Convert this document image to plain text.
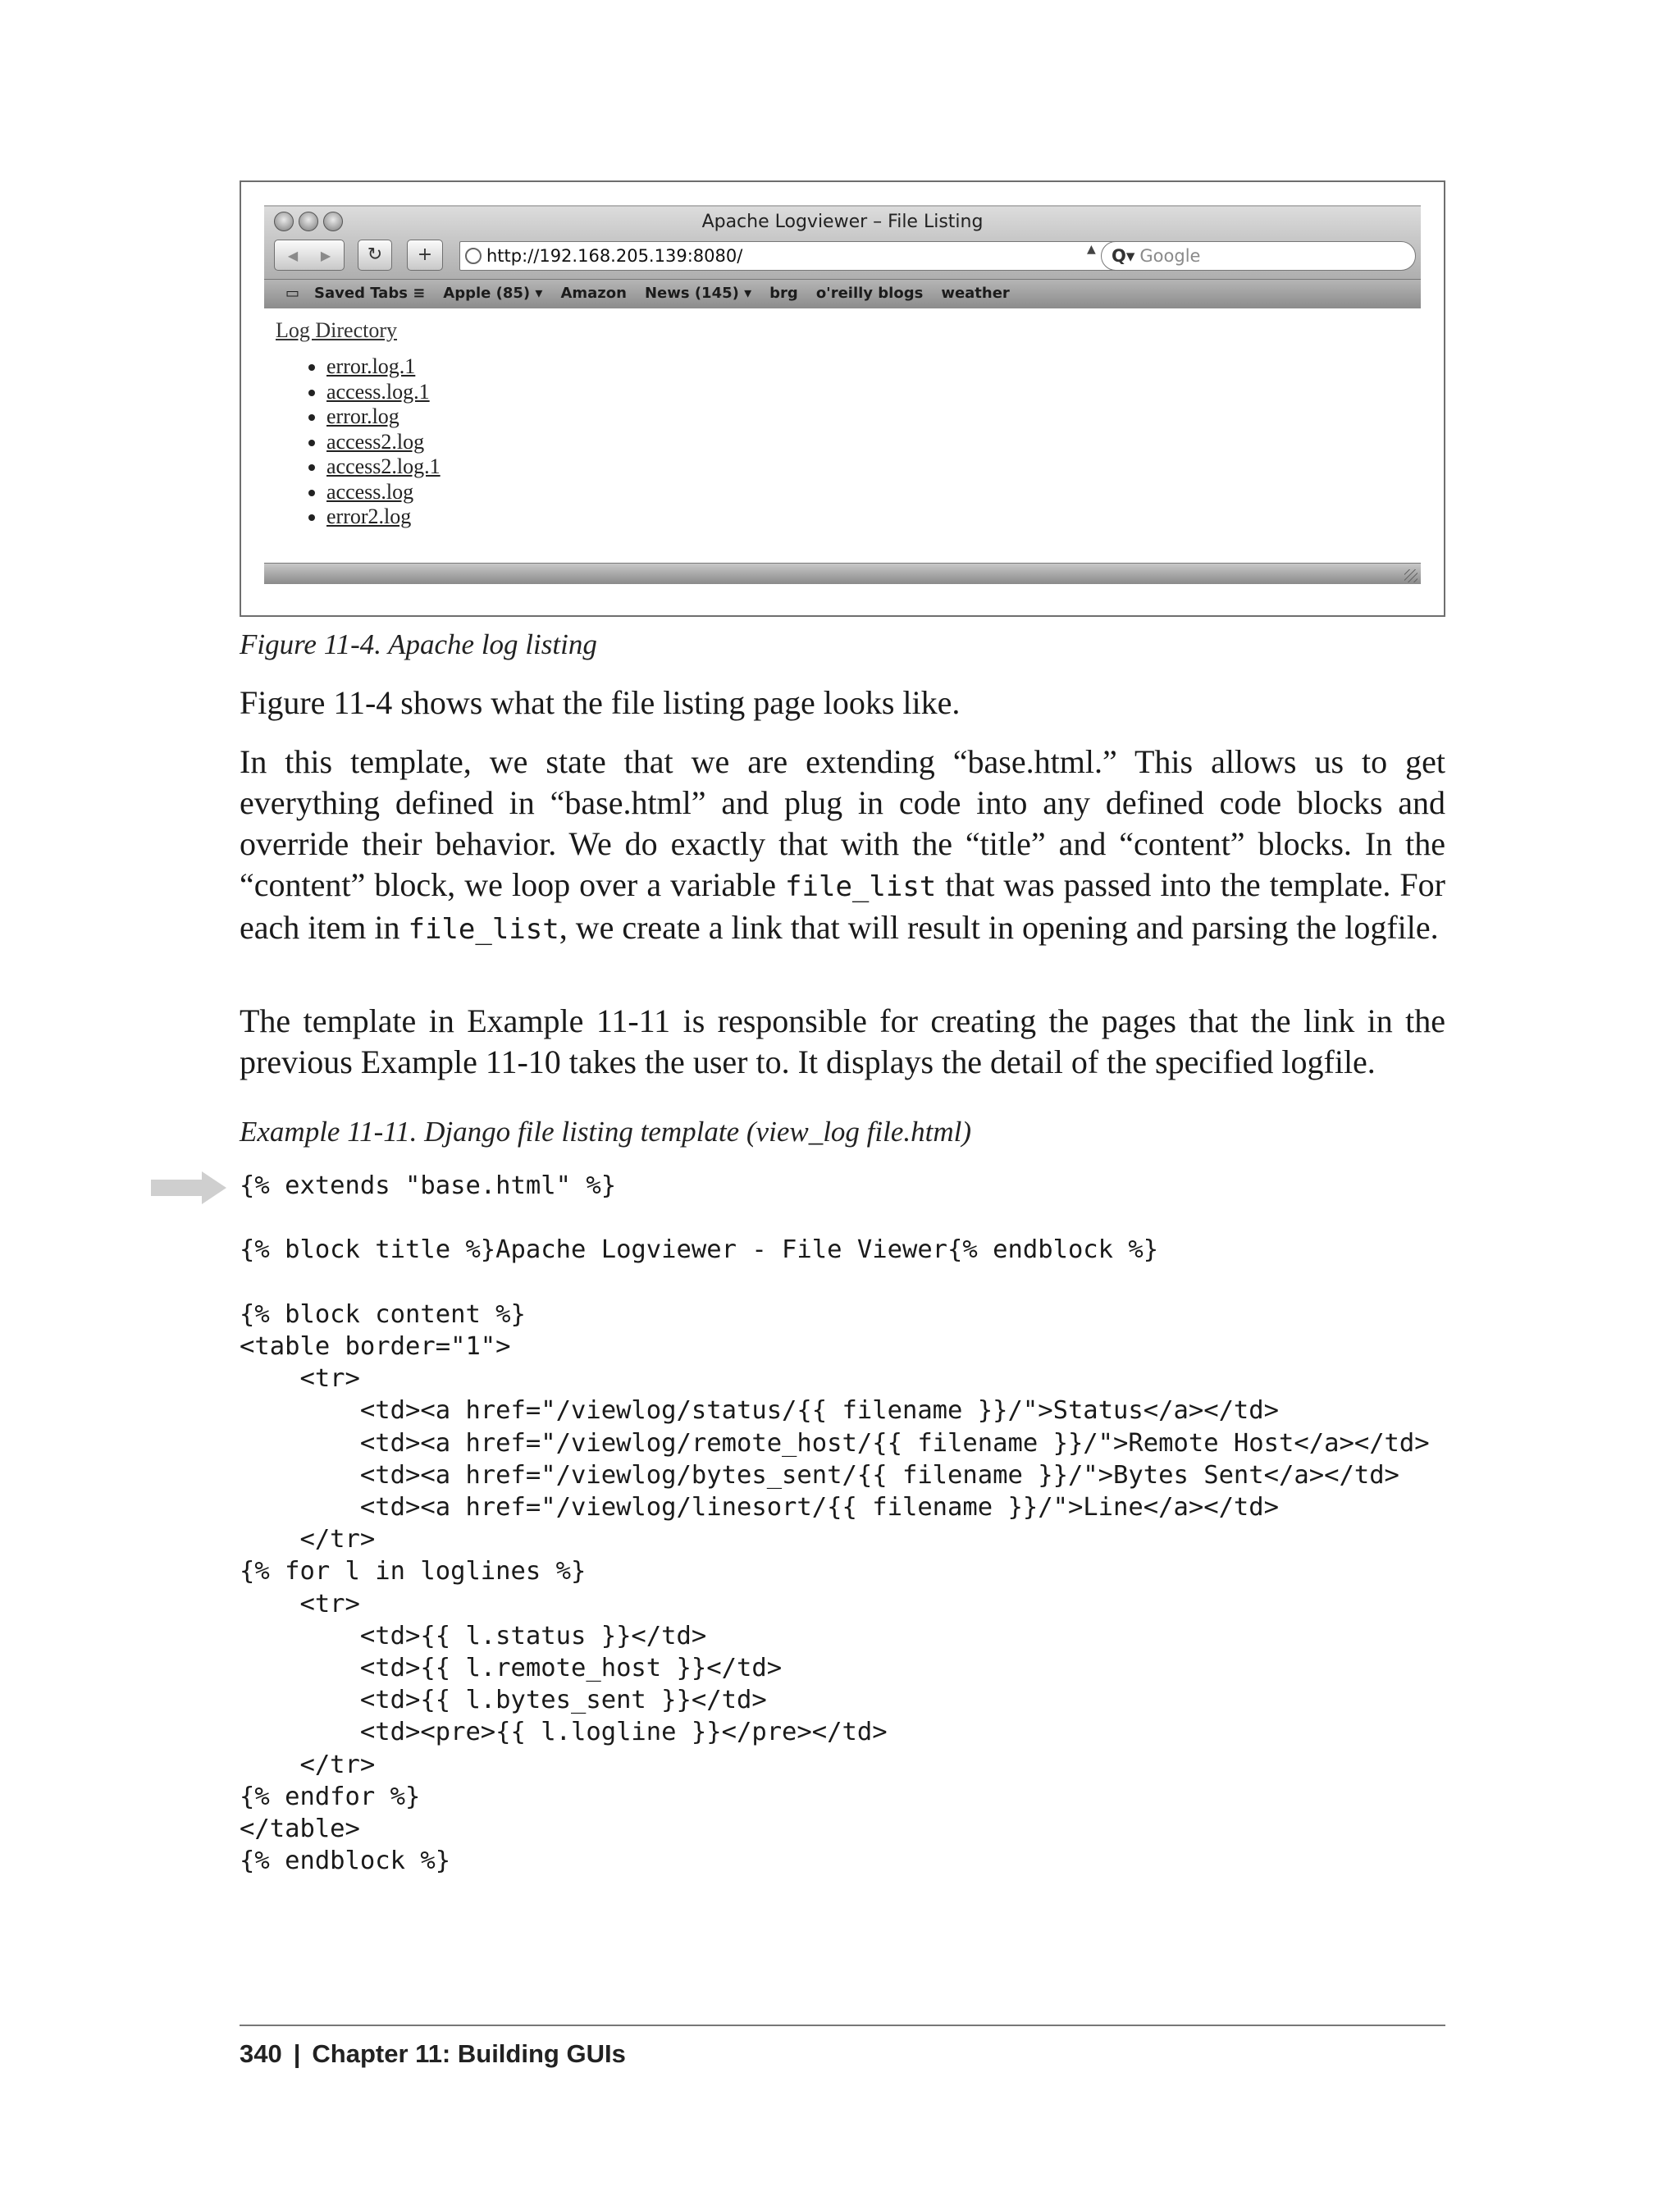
Apache Logviewer – File Listing
◀ ▶	↻	+	http://192.168.205.139:8080/	▲ Q▾ Google
▭ Saved Tabs ≡ Apple (85) ▾ Amazon News (145) ▾ brg o'reilly blogs weather
Log Directory
• error.log.1
• access.log.1
• error.log
• access2.log
• access2.log.1
• access.log
• error2.log
Figure 11-4. Apache log listing

Figure 11-4 shows what the file listing page looks like.

In this template, we state that we are extending “base.html.” This allows us to get everything defined in “base.html” and plug in code into any defined code blocks and override their behavior. We do exactly that with the “title” and “content” blocks. In the “content” block, we loop over a variable file_list that was passed into the template. For each item in file_list, we create a link that will result in opening and parsing the logfile.

The template in Example 11-11 is responsible for creating the pages that the link in the previous Example 11-10 takes the user to. It displays the detail of the specified logfile.

Example 11-11. Django file listing template (view_log file.html)
{% extends "base.html" %}

{% block title %}Apache Logviewer - File Viewer{% endblock %}

{% block content %}
<table border="1">
<tr>
<td><a href="/viewlog/status/{{ filename }}/">Status</a></td>
<td><a href="/viewlog/remote_host/{{ filename }}/">Remote Host</a></td>
<td><a href="/viewlog/bytes_sent/{{ filename }}/">Bytes Sent</a></td>
<td><a href="/viewlog/linesort/{{ filename }}/">Line</a></td>
</tr>
{% for l in loglines %}
<tr>
<td>{{ l.status }}</td>
<td>{{ l.remote_host }}</td>
<td>{{ l.bytes_sent }}</td>
<td><pre>{{ l.logline }}</pre></td>
</tr>
{% endfor %}
</table>
{% endblock %}
340 | Chapter 11: Building GUIs
